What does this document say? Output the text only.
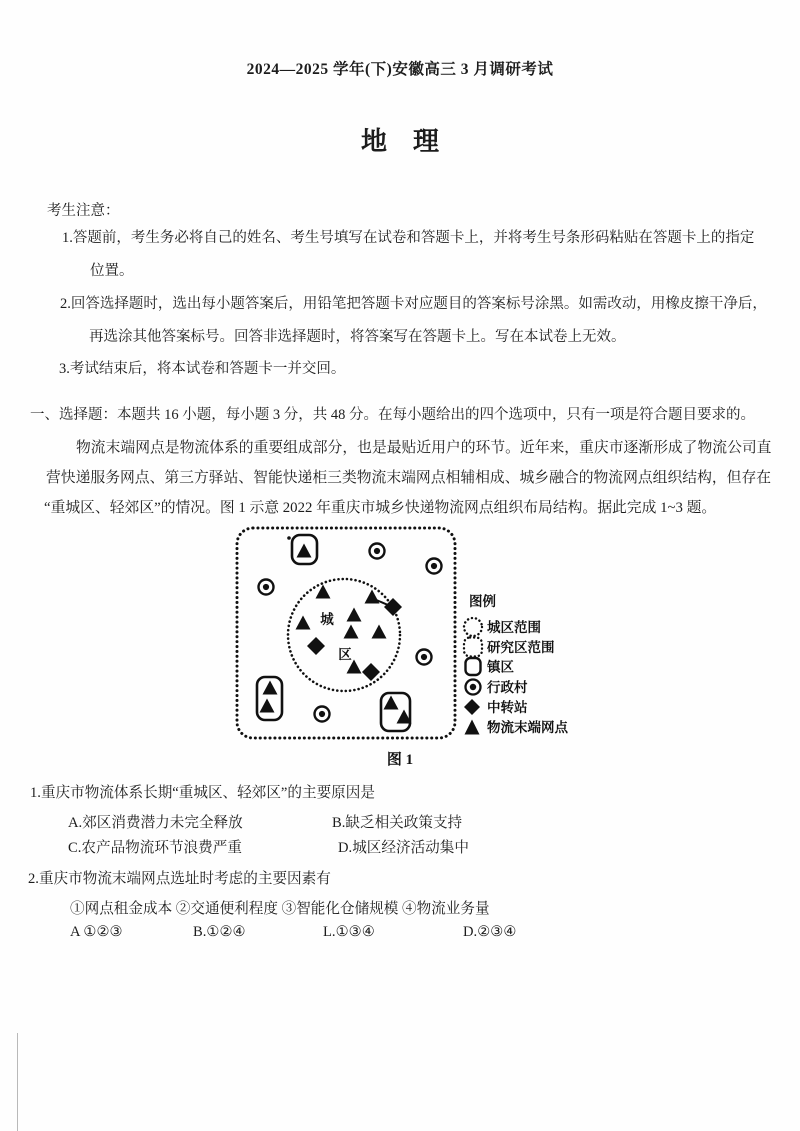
2024—2025 学年(下)安徽高三 3 月调研考试
地　理
考生注意：
1.答题前，考生务必将自己的姓名、考生号填写在试卷和答题卡上，并将考生号条形码粘贴在答题卡上的指定
位置。
2.回答选择题时，选出每小题答案后，用铅笔把答题卡对应题目的答案标号涂黑。如需改动，用橡皮擦干净后，
再选涂其他答案标号。回答非选择题时，将答案写在答题卡上。写在本试卷上无效。
3.考试结束后，将本试卷和答题卡一并交回。
一、选择题：本题共 16 小题，每小题 3 分，共 48 分。在每小题给出的四个选项中，只有一项是符合题目要求的。
物流末端网点是物流体系的重要组成部分，也是最贴近用户的环节。近年来，重庆市逐渐形成了物流公司直
营快递服务网点、第三方驿站、智能快递柜三类物流末端网点相辅相成、城乡融合的物流网点组织结构，但存在
“重城区、轻郊区”的情况。图 1 示意 2022 年重庆市城乡快递物流网点组织布局结构。据此完成 1~3 题。
城
区
图例
城区范围
研究区范围
镇区
行政村
中转站
物流末端网点
图 1
1.重庆市物流体系长期“重城区、轻郊区”的主要原因是
A.郊区消费潜力未完全释放	B.缺乏相关政策支持
C.农产品物流环节浪费严重	D.城区经济活动集中
2.重庆市物流末端网点选址时考虑的主要因素有
①网点租金成本 ②交通便利程度 ③智能化仓储规模 ④物流业务量
A ①②③	B.①②④	L.①③④	D.②③④
